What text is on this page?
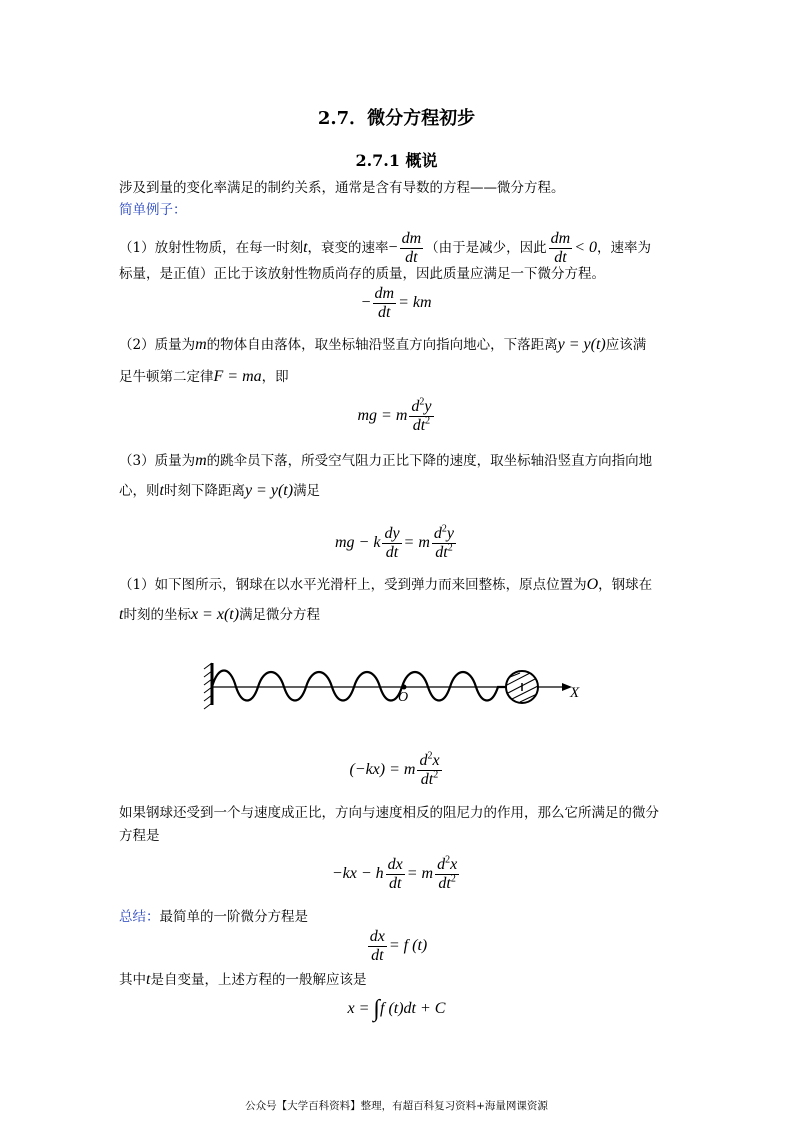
2.7．微分方程初步
2.7.1 概说
涉及到量的变化率满足的制约关系，通常是含有导数的方程——微分方程。
简单例子：
（1）放射性物质，在每一时刻t，衰变的速率− $\frac{dm}{dt}$ （由于是减少，因此 $\frac{dm}{dt} < 0$，速率为
标量，是正值）正比于该放射性物质尚存的质量，因此质量应满足一下微分方程。
− $\frac{dm}{dt}$ = km
（2）质量为m的物体自由落体，取坐标轴沿竖直方向指向地心，下落距离y = y(t)应该满
足牛顿第二定律F = ma，即
mg = m $\frac{d^2y}{dt^2}$
（3）质量为m的跳伞员下落，所受空气阻力正比下降的速度，取坐标轴沿竖直方向指向地
心，则t时刻下降距离y = y(t)满足
mg − k $\frac{dy}{dt} = m \frac{d^2y}{dt^2}$
（1）如下图所示，钢球在以水平光滑杆上，受到弹力而来回整栋，原点位置为O，钢球在
t时刻的坐标x = x(t)满足微分方程
O	X
(−kx) = m $\frac{d^2x}{dt^2}$
如果钢球还受到一个与速度成正比，方向与速度相反的阻尼力的作用，那么它所满足的微分
方程是
−kx − h $\frac{dx}{dt} = m \frac{d^2x}{dt^2}$
总结：最简单的一阶微分方程是
$\frac{dx}{dt} = f$ (t)
其中t是自变量，上述方程的一般解应该是
x = ∫f (t)dt + C
公众号【大学百科资料】整理，有超百科复习资料+海量网课资源
